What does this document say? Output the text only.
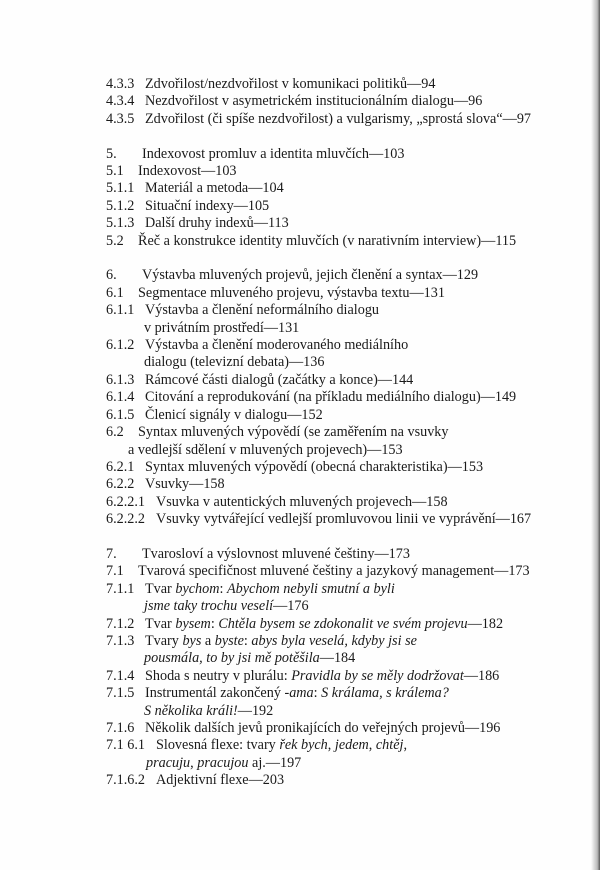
4.3.3 Zdvořilost/nezdvořilost v komunikaci politiků—94
4.3.4 Nezdvořilost v asymetrickém institucionálním dialogu—96
4.3.5 Zdvořilost (či spíše nezdvořilost) a vulgarismy, „sprostá slova“—97
5.	Indexovost promluv a identita mluvčích—103
5.1	Indexovost—103
5.1.1 Materiál a metoda—104
5.1.2 Situační indexy—105
5.1.3 Další druhy indexů—113
5.2	Řeč a konstrukce identity mluvčích (v narativním interview)—115
6.	Výstavba mluvených projevů, jejich členění a syntax—129
6.1	Segmentace mluveného projevu, výstavba textu—131
6.1.1 Výstavba a členění neformálního dialogu
v privátním prostředí—131
6.1.2 Výstavba a členění moderovaného mediálního
dialogu (televizní debata)—136
6.1.3 Rámcové části dialogů (začátky a konce)—144
6.1.4 Citování a reprodukování (na příkladu mediálního dialogu)—149
6.1.5 Členicí signály v dialogu—152
6.2	Syntax mluvených výpovědí (se zaměřením na vsuvky
a vedlejší sdělení v mluvených projevech)—153
6.2.1 Syntax mluvených výpovědí (obecná charakteristika)—153
6.2.2 Vsuvky—158
6.2.2.1 Vsuvka v autentických mluvených projevech—158
6.2.2.2 Vsuvky vytvářející vedlejší promluvovou linii ve vyprávění—167
7.	Tvarosloví a výslovnost mluvené češtiny—173
7.1	Tvarová specifičnost mluvené češtiny a jazykový management—173
7.1.1 Tvar bychom: Abychom nebyli smutní a byli
jsme taky trochu veselí—176
7.1.2 Tvar bysem: Chtěla bysem se zdokonalit ve svém projevu—182
7.1.3 Tvary bys a byste: abys byla veselá, kdyby jsi se
pousmála, to by jsi mě potěšila—184
7.1.4 Shoda s neutry v plurálu: Pravidla by se měly dodržovat—186
7.1.5 Instrumentál zakončený -ama: S králama, s králema?
S několika králi!—192
7.1.6 Několik dalších jevů pronikajících do veřejných projevů—196
7.1 6.1 Slovesná flexe: tvary řek bych, jedem, chtěj,
pracuju, pracujou aj.—197
7.1.6.2 Adjektivní flexe—203
